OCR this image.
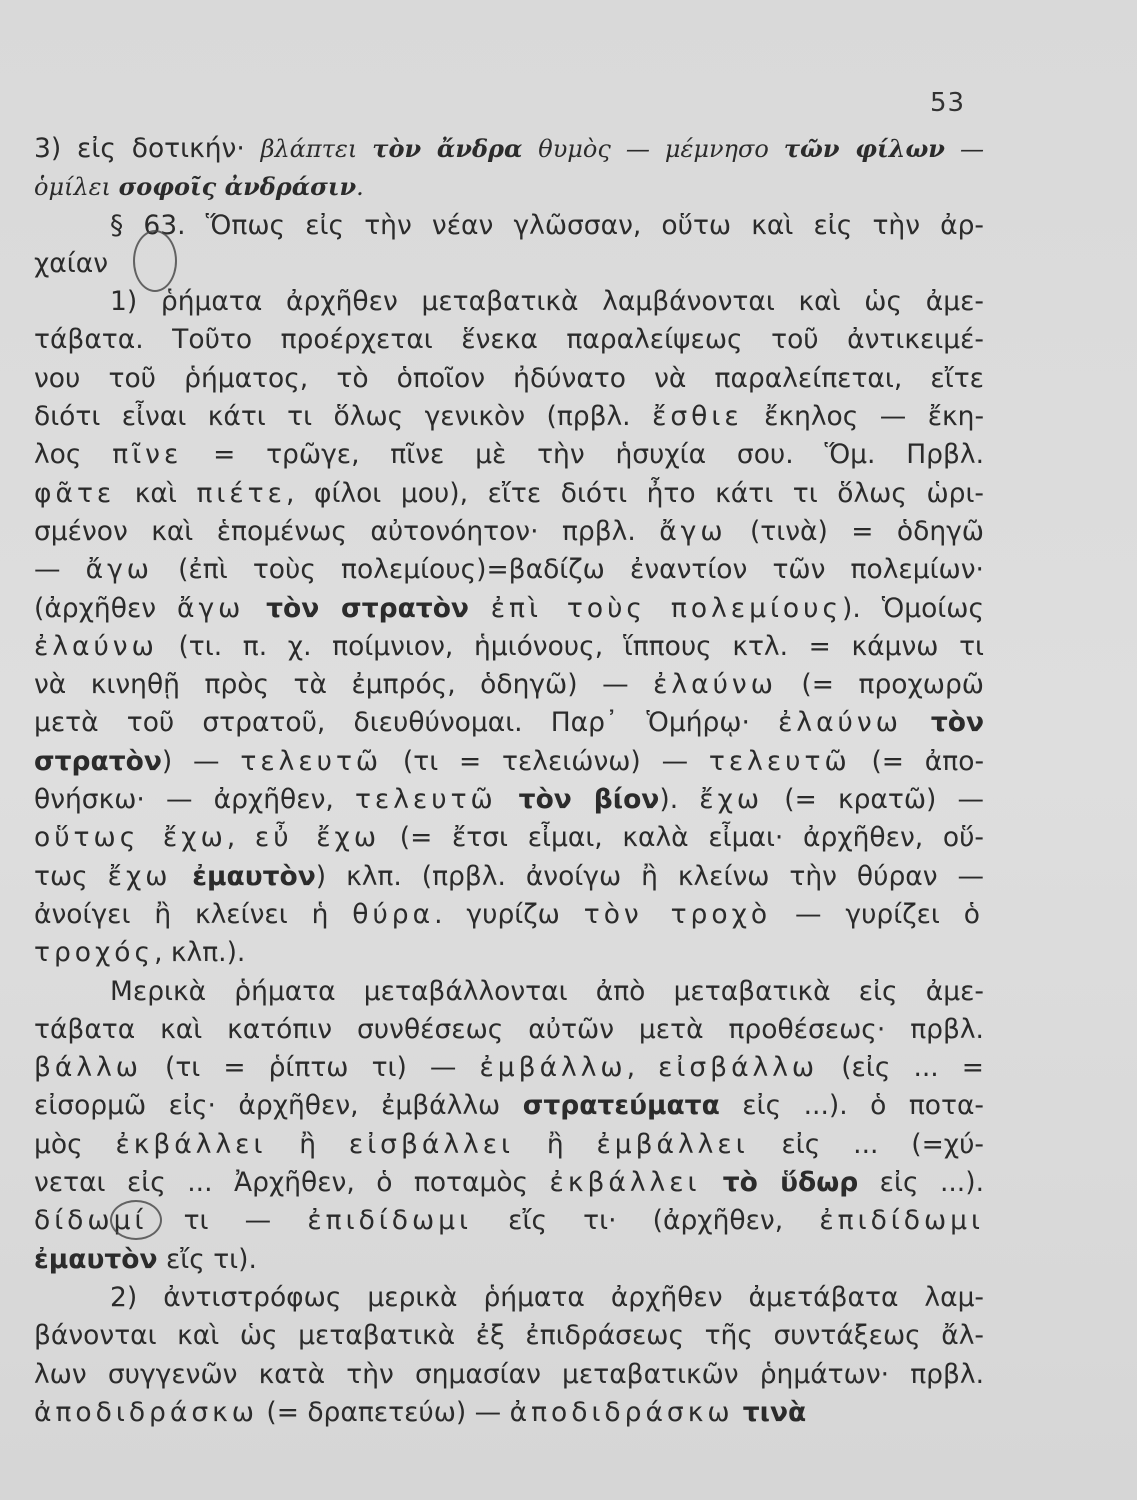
53
3) εἰς δοτικήν· βλάπτει τὸν ἄνδρα θυμὸς — μέμνησο τῶν φίλων —
ὁμίλει σοφοῖς ἀνδράσιν.
§ 63. Ὅπως εἰς τὴν νέαν γλῶσσαν, οὕτω καὶ εἰς τὴν ἀρ-
χαίαν
1) ῥήματα ἀρχῆθεν μεταβατικὰ λαμβάνονται καὶ ὡς ἀμε-
τάβατα. Τοῦτο προέρχεται ἕνεκα παραλείψεως τοῦ ἀντικειμέ-
νου τοῦ ῥήματος, τὸ ὁποῖον ἠδύνατο νὰ παραλείπεται, εἴτε
διότι εἶναι κάτι τι ὅλως γενικὸν (πρβλ. ἔσθιε ἔκηλος — ἔκη-
λος πῖνε = τρῶγε, πῖνε μὲ τὴν ἡσυχία σου. Ὅμ. Πρβλ.
φᾶτε καὶ πιέτε, φίλοι μου), εἴτε διότι ἦτο κάτι τι ὅλως ὡρι-
σμένον καὶ ἑπομένως αὐτονόητον· πρβλ. ἄγω (τινὰ) = ὁδηγῶ
— ἄγω (ἐπὶ τοὺς πολεμίους)=βαδίζω ἐναντίον τῶν πολεμίων·
(ἀρχῆθεν ἄγω τὸν στρατὸν ἐπὶ τοὺς πολεμίους). Ὁμοίως
ἐλαύνω (τι. π. χ. ποίμνιον, ἡμιόνους, ἵππους κτλ. = κάμνω τι
νὰ κινηθῇ πρὸς τὰ ἐμπρός, ὁδηγῶ) — ἐλαύνω (= προχωρῶ
μετὰ τοῦ στρατοῦ, διευθύνομαι. Παρ᾽ Ὁμήρῳ· ἐλαύνω τὸν
στρατὸν) — τελευτῶ (τι = τελειώνω) — τελευτῶ (= ἀπο-
θνήσκω· — ἀρχῆθεν, τελευτῶ τὸν βίον). ἔχω (= κρατῶ) —
οὕτως ἔχω, εὖ ἔχω (= ἔτσι εἶμαι, καλὰ εἶμαι· ἀρχῆθεν, οὕ-
τως ἔχω ἐμαυτὸν) κλπ. (πρβλ. ἀνοίγω ἢ κλείνω τὴν θύραν —
ἀνοίγει ἢ κλείνει ἡ θύρα. γυρίζω τὸν τροχὸ — γυρίζει ὁ
τροχός, κλπ.).
Μερικὰ ῥήματα μεταβάλλονται ἀπὸ μεταβατικὰ εἰς ἀμε-
τάβατα καὶ κατόπιν συνθέσεως αὐτῶν μετὰ προθέσεως· πρβλ.
βάλλω (τι = ῥίπτω τι) — ἐμβάλλω, εἰσβάλλω (εἰς ... =
εἰσορμῶ εἰς· ἀρχῆθεν, ἐμβάλλω στρατεύματα εἰς ...). ὁ ποτα-
μὸς ἐκβάλλει ἢ εἰσβάλλει ἢ ἐμβάλλει εἰς ... (=χύ-
νεται εἰς ... Ἀρχῆθεν, ὁ ποταμὸς ἐκβάλλει τὸ ὕδωρ εἰς ...).
δίδωμί τι — ἐπιδίδωμι εἴς τι· (ἀρχῆθεν, ἐπιδίδωμι
ἐμαυτὸν εἴς τι).
2) ἀντιστρόφως μερικὰ ῥήματα ἀρχῆθεν ἀμετάβατα λαμ-
βάνονται καὶ ὡς μεταβατικὰ ἐξ ἐπιδράσεως τῆς συντάξεως ἄλ-
λων συγγενῶν κατὰ τὴν σημασίαν μεταβατικῶν ῥημάτων· πρβλ.
ἀποδιδράσκω (= δραπετεύω) — ἀποδιδράσκω τινὰ
